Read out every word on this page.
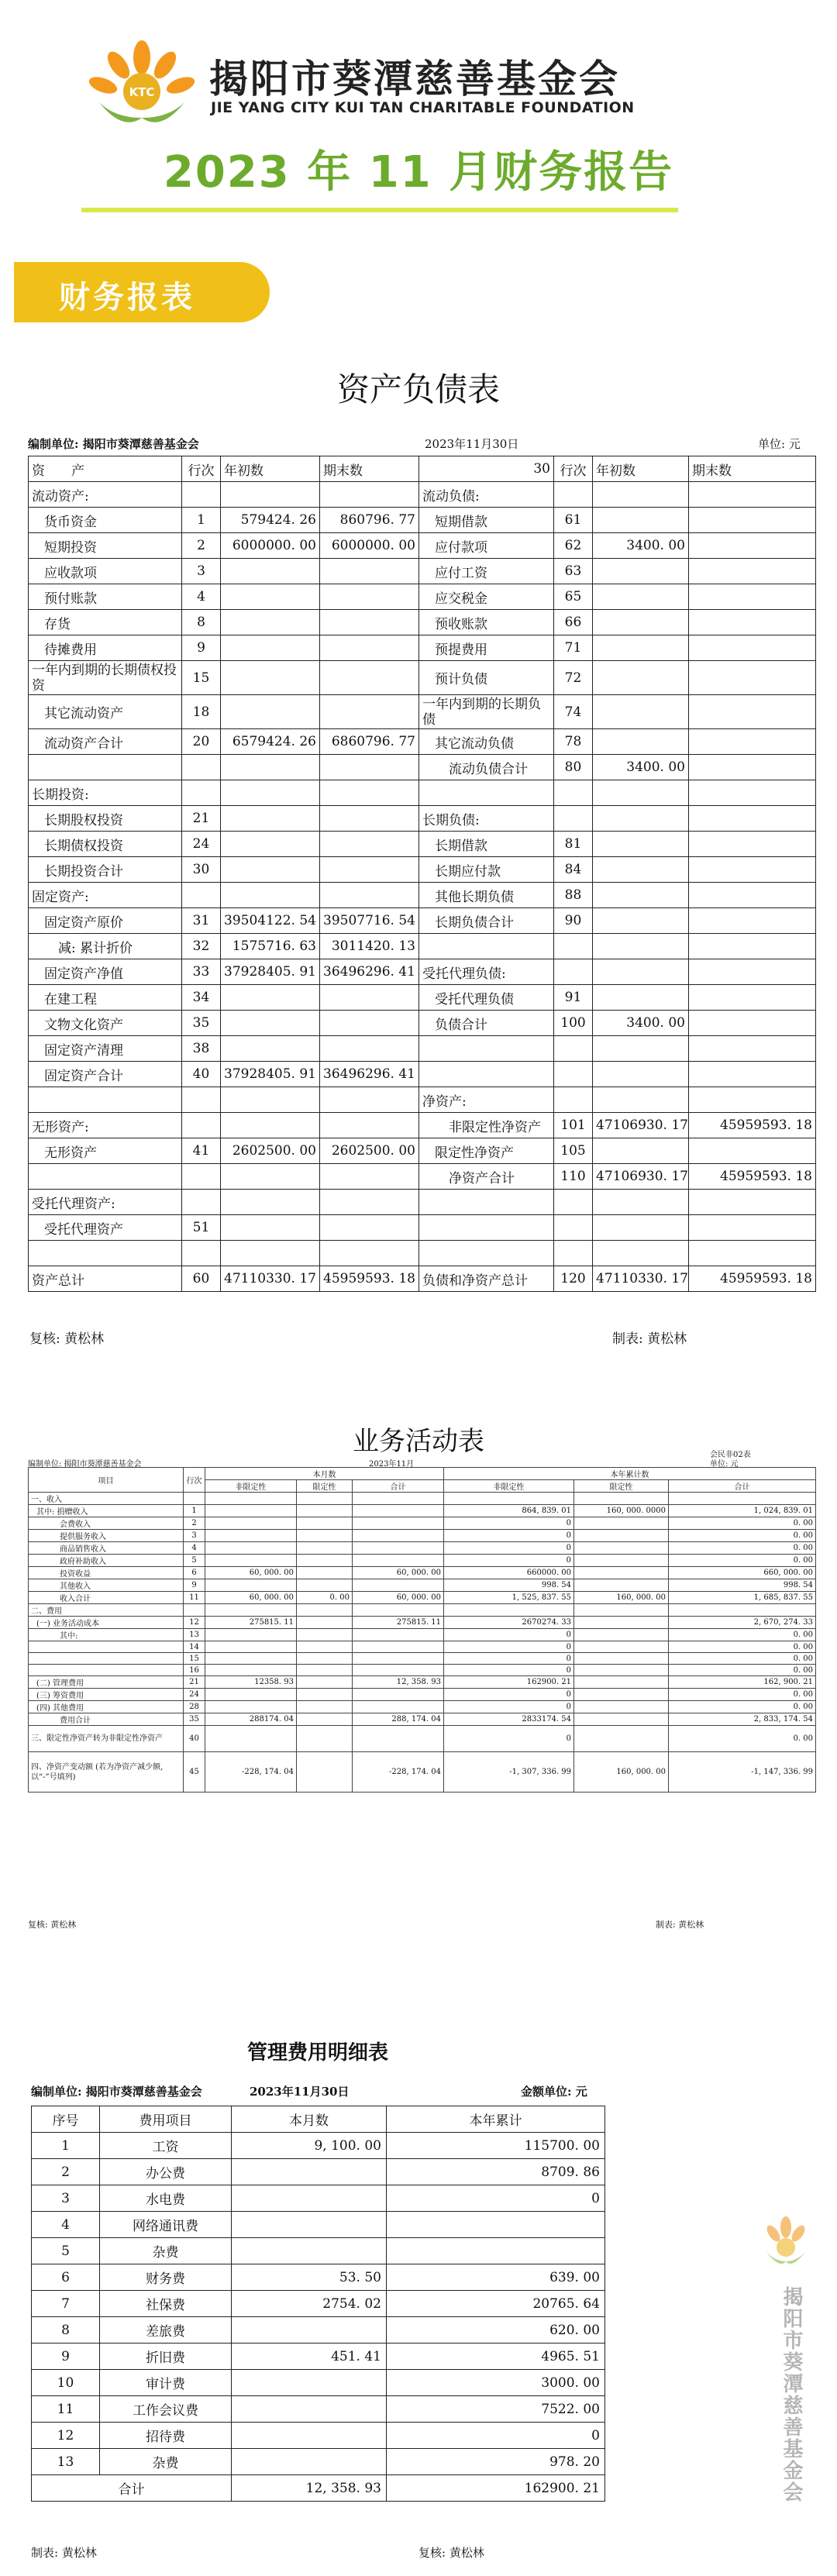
KTC 揭阳市葵潭慈善基金会
JIE YANG CITY KUI TAN CHARITABLE FOUNDATION
2023 年 11 月财务报告
财务报表
资产负债表
编制单位: 揭阳市葵潭慈善基金会	2023年11月30日	单位: 元
资　　产	行次	年初数	期末数	30	行次	年初数	期末数
流动资产:				流动负债:			
货币资金	1	579424. 26	860796. 77	短期借款	61		
短期投资	2	6000000. 00	6000000. 00	应付款项	62	3400. 00	
应收款项	3			应付工资	63		
预付账款	4			应交税金	65		
存货	8			预收账款	66		
待摊费用	9			预提费用	71		
一年内到期的长期债权投资	15			预计负债	72		
其它流动资产	18			一年内到期的长期负债	74		
流动资产合计	20	6579424. 26	6860796. 77	其它流动负债	78		
				流动负债合计	80	3400. 00	
长期投资:							
长期股权投资	21			长期负债:			
长期债权投资	24			长期借款	81		
长期投资合计	30			长期应付款	84		
固定资产:				其他长期负债	88		
固定资产原价	31	39504122. 54	39507716. 54	长期负债合计	90		
减: 累计折价	32	1575716. 63	3011420. 13				
固定资产净值	33	37928405. 91	36496296. 41	受托代理负债:			
在建工程	34			受托代理负债	91		
文物文化资产	35			负债合计	100	3400. 00	
固定资产清理	38						
固定资产合计	40	37928405. 91	36496296. 41				
				净资产:			
无形资产:				非限定性净资产	101	47106930. 17	45959593. 18
无形资产	41	2602500. 00	2602500. 00	限定性净资产	105		
				净资产合计	110	47106930. 17	45959593. 18
受托代理资产:							
受托代理资产	51						

资产总计	60	47110330. 17	45959593. 18	负债和净资产总计	120	47110330. 17	45959593. 18
复核: 黄松林	制表: 黄松林
业务活动表	会民非02表
编制单位: 揭阳市葵潭慈善基金会	2023年11月	单位: 元
项目	行次	本月数			本年累计数		
		非限定性	限定性	合计	非限定性	限定性	合计
一、收入							
其中: 捐赠收入	1				864, 839. 01	160, 000. 0000	1, 024, 839. 01
会费收入	2				0		0. 00
提供服务收入	3				0		0. 00
商品销售收入	4				0		0. 00
政府补助收入	5				0		0. 00
投资收益	6	60, 000. 00		60, 000. 00	660000. 00		660, 000. 00
其他收入	9				998. 54		998. 54
收入合计	11	60, 000. 00	0. 00	60, 000. 00	1, 525, 837. 55	160, 000. 00	1, 685, 837. 55
二、费用							
(一) 业务活动成本	12	275815. 11		275815. 11	2670274. 33		2, 670, 274. 33
其中:	13				0		0. 00
	14				0		0. 00
	15				0		0. 00
	16				0		0. 00
(二) 管理费用	21	12358. 93		12, 358. 93	162900. 21		162, 900. 21
(三) 筹资费用	24				0		0. 00
(四) 其他费用	28				0		0. 00
费用合计	35	288174. 04		288, 174. 04	2833174. 54		2, 833, 174. 54
三、限定性净资产转为非限定性净资产	40				0		0. 00
四、净资产变动额 (若为净资产减少额, 以“-”号填列)	45	-228, 174. 04		-228, 174. 04	-1, 307, 336. 99	160, 000. 00	-1, 147, 336. 99
复核: 黄松林	制表: 黄松林
管理费用明细表
编制单位: 揭阳市葵潭慈善基金会	2023年11月30日	金额单位: 元
序号	费用项目	本月数	本年累计
1	工资	9, 100. 00	115700. 00
2	办公费		8709. 86
3	水电费		0
4	网络通讯费		
5	杂费		
6	财务费	53. 50	639. 00
7	社保费	2754. 02	20765. 64
8	差旅费		620. 00
9	折旧费	451. 41	4965. 51
10	审计费		3000. 00
11	工作会议费		7522. 00
12	招待费		0
13	杂费		978. 20
合计		12, 358. 93	162900. 21
制表: 黄松林	复核: 黄松林
揭阳市葵潭慈善基金会
